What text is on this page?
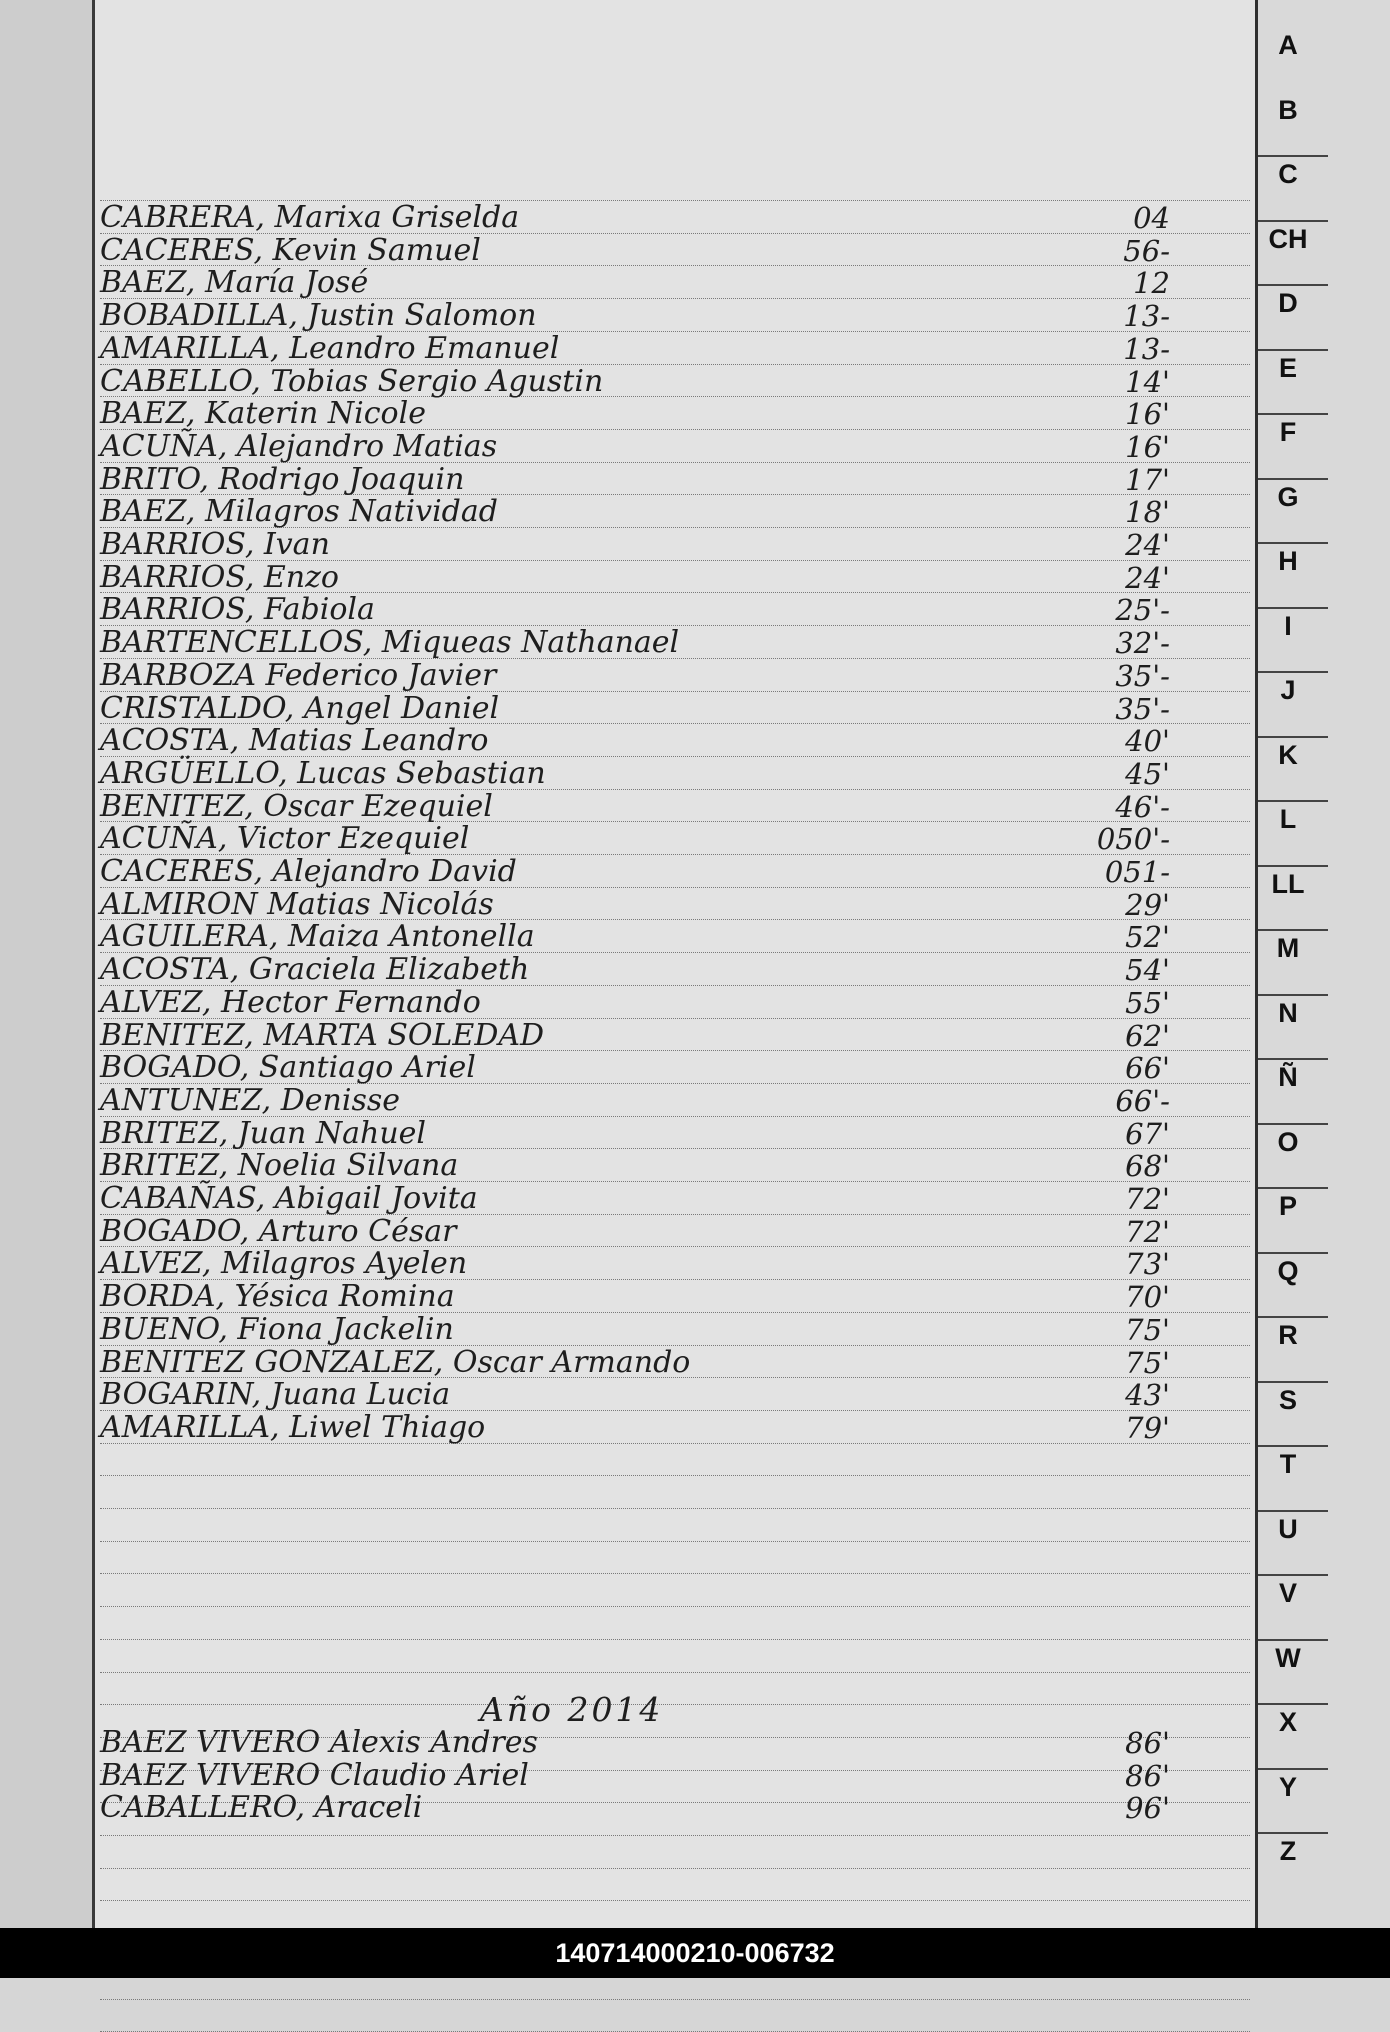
CABRERA, Marixa Griselda	04
CACERES, Kevin Samuel	56-
BAEZ, María José	12
BOBADILLA, Justin Salomon	13-
AMARILLA, Leandro Emanuel	13-
CABELLO, Tobias Sergio Agustin	14'
BAEZ, Katerin Nicole	16'
ACUÑA, Alejandro Matias	16'
BRITO, Rodrigo Joaquin	17'
BAEZ, Milagros Natividad	18'
BARRIOS, Ivan	24'
BARRIOS, Enzo	24'
BARRIOS, Fabiola	25'-
BARTENCELLOS, Miqueas Nathanael	32'-
BARBOZA Federico Javier	35'-
CRISTALDO, Angel Daniel	35'-
ACOSTA, Matias Leandro	40'
ARGÜELLO, Lucas Sebastian	45'
BENITEZ, Oscar Ezequiel	46'-
ACUÑA, Victor Ezequiel	050'-
CACERES, Alejandro David	051-
ALMIRON Matias Nicolás	29'
AGUILERA, Maiza Antonella	52'
ACOSTA, Graciela Elizabeth	54'
ALVEZ, Hector Fernando	55'
BENITEZ, MARTA SOLEDAD	62'
BOGADO, Santiago Ariel	66'
ANTUNEZ, Denisse	66'-
BRITEZ, Juan Nahuel	67'
BRITEZ, Noelia Silvana	68'
CABAÑAS, Abigail Jovita	72'
BOGADO, Arturo César	72'
ALVEZ, Milagros Ayelen	73'
BORDA, Yésica Romina	70'
BUENO, Fiona Jackelin	75'
BENITEZ GONZALEZ, Oscar Armando	75'
BOGARIN, Juana Lucia	43'
AMARILLA, Liwel Thiago	79'
Año 2014
BAEZ VIVERO Alexis Andres	86'
BAEZ VIVERO Claudio Ariel	86'
CABALLERO, Araceli	96'
A
B
C
CH
D
E
F
G
H
I
J
K
L
LL
M
N
Ñ
O
P
Q
R
S
T
U
V
W
X
Y
Z
140714000210-006732
